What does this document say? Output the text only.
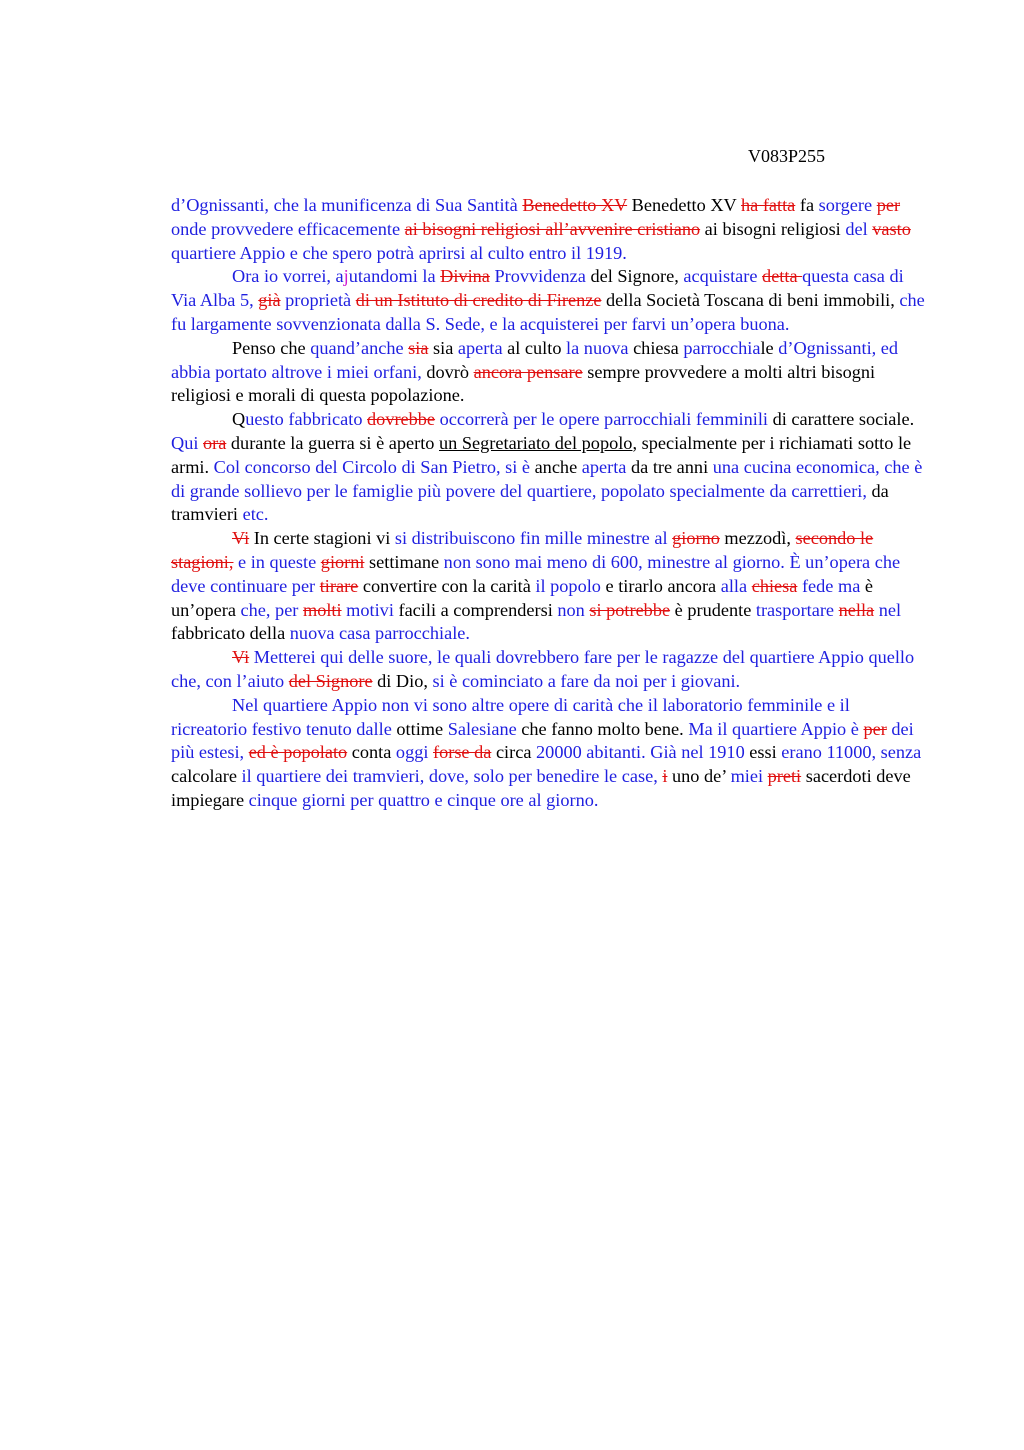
V083P255

d’Ognissanti, che la munificenza di Sua Santità Benedetto XV Benedetto XV ha fatta fa sorgere per onde provvedere efficacemente ai bisogni religiosi all’avvenire cristiano ai bisogni religiosi del vasto quartiere Appio e che spero potrà aprirsi al culto entro il 1919.

Ora io vorrei, ajutandomi la Divina Provvidenza del Signore, acquistare detta questa casa di Via Alba 5, già proprietà di un Istituto di credito di Firenze della Società Toscana di beni immobili, che fu largamente sovvenzionata dalla S. Sede, e la acquisterei per farvi un’opera buona.

Penso che quand’anche sia sia aperta al culto la nuova chiesa parrocchiale d’Ognissanti, ed abbia portato altrove i miei orfani, dovrò ancora pensare sempre provvedere a molti altri bisogni religiosi e morali di questa popolazione.

Questo fabbricato dovrebbe occorrerà per le opere parrocchiali femminili di carattere sociale. Qui ora durante la guerra si è aperto un Segretariato del popolo, specialmente per i richiamati sotto le armi. Col concorso del Circolo di San Pietro, si è anche aperta da tre anni una cucina economica, che è di grande sollievo per le famiglie più povere del quartiere, popolato specialmente da carrettieri, da tramvieri etc.

Vi In certe stagioni vi si distribuiscono fin mille minestre al giorno mezzodì, secondo le stagioni, e in queste giorni settimane non sono mai meno di 600, minestre al giorno. È un’opera che deve continuare per tirare convertire con la carità il popolo e tirarlo ancora alla chiesa fede ma è un’opera che, per molti motivi facili a comprendersi non si potrebbe è prudente trasportare nella nel fabbricato della nuova casa parrocchiale.

Vi Metterei qui delle suore, le quali dovrebbero fare per le ragazze del quartiere Appio quello che, con l’aiuto del Signore di Dio, si è cominciato a fare da noi per i giovani.

Nel quartiere Appio non vi sono altre opere di carità che il laboratorio femminile e il ricreatorio festivo tenuto dalle ottime Salesiane che fanno molto bene. Ma il quartiere Appio è per dei più estesi, ed è popolato conta oggi forse da circa 20000 abitanti. Già nel 1910 essi erano 11000, senza calcolare il quartiere dei tramvieri, dove, solo per benedire le case, i uno de’ miei preti sacerdoti deve impiegare cinque giorni per quattro e cinque ore al giorno.
